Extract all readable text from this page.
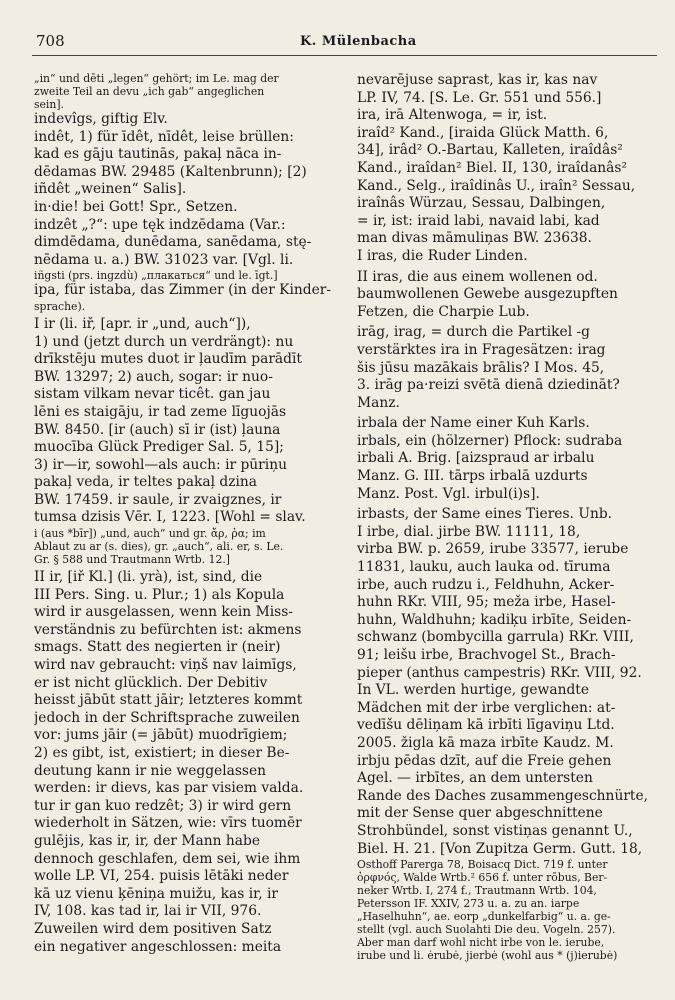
708	K. Mülenbacha
„in“ und dēti „legen“ gehört; im Le. mag der
zweite Teil an devu „ich gab“ angeglichen
sein].
indevîgs, giftig Elv.
indêt, 1) für īdêt, nīdêt, leise brüllen:
kad es gāju tautinās, pakaļ nāca in-
dēdamas BW. 29485 (Kaltenbrunn); [2)
iñdêt „weinen“ Salis].
in·die! bei Gott! Spr., Setzen.
indzêt „?“: upe tęk indzēdama (Var.:
dimdēdama, dunēdama, sanēdama, stę-
nēdama u. a.) BW. 31023 var. [Vgl. li.
iñgsti (prs. ingzdù) „плакаться“ und le. īgt.]
ipa, für istaba, das Zimmer (in der Kinder-
sprache).
I ir (li. iř, [apr. ir „und, auch“]),
1) und (jetzt durch un verdrängt): nu
drīkstēju mutes duot ir ļaudīm parādīt
BW. 13297; 2) auch, sogar: ir nuo-
sistam vilkam nevar ticêt. gan jau
lēni es staigāju, ir tad zeme līguojās
BW. 8450. [ir (auch) sī ir (ist) ļauna
muocība Glück Prediger Sal. 5, 15];
3) ir—ir, sowohl—als auch: ir pūriņu
pakaļ veda, ir teltes pakaļ dzina
BW. 17459. ir saule, ir zvaigznes, ir
tumsa dzisis Vēr. I, 1223. [Wohl = slav.
i (aus *bīr]) „und, auch“ und gr. ἄρ, ῥα; im
Ablaut zu ar (s. dies), gr. „auch“, ali. er, s. Le.
Gr. § 588 und Trautmann Wrtb. 12.]
II ir, [iř Kl.] (li. yrà), ist, sind, die
III Pers. Sing. u. Plur.; 1) als Kopula
wird ir ausgelassen, wenn kein Miss-
verständnis zu befürchten ist: akmens
smags. Statt des negierten ir (neir)
wird nav gebraucht: viņš nav laimīgs,
er ist nicht glücklich. Der Debitiv
heisst jābūt statt jāir; letzteres kommt
jedoch in der Schriftsprache zuweilen
vor: jums jāir (= jābūt) muodrīgiem;
2) es gibt, ist, existiert; in dieser Be-
deutung kann ir nie weggelassen
werden: ir dievs, kas par visiem valda.
tur ir gan kuo redzêt; 3) ir wird gern
wiederholt in Sätzen, wie: vīrs tuomēr
gulējis, kas ir, ir, der Mann habe
dennoch geschlafen, dem sei, wie ihm
wolle LP. VI, 254. puisis lētāki neder
kā uz vienu ķēniņa muižu, kas ir, ir
IV, 108. kas tad ir, lai ir VII, 976.
Zuweilen wird dem positiven Satz
ein negativer angeschlossen: meita
nevarējuse saprast, kas ir, kas nav
LP. IV, 74. [S. Le. Gr. 551 und 556.]
ira, irā Altenwoga, = ir, ist.
iraîd² Kand., [iraida Glück Matth. 6,
34], irâd² O.-Bartau, Kalleten, iraîdâs²
Kand., iraîdan² Biel. II, 130, iraîdanâs²
Kand., Selg., iraîdinâs U., iraîn² Sessau,
iraînâs Würzau, Sessau, Dalbingen,
= ir, ist: iraid labi, navaid labi, kad
man divas māmuliņas BW. 23638.
I iras, die Ruder Linden.
II iras, die aus einem wollenen od.
baumwollenen Gewebe ausgezupften
Fetzen, die Charpie Lub.
irāg, irag, = durch die Partikel -g
verstärktes ira in Fragesätzen: irag
šis jūsu mazākais brālis? I Mos. 45,
3. irāg pa·reizi svētā dienā dziedināt?
Manz.
irbala der Name einer Kuh Karls.
irbals, ein (hölzerner) Pflock: sudraba
irbali A. Brig. [aizspraud ar irbalu
Manz. G. III. tārps irbalā uzdurts
Manz. Post. Vgl. irbul(i)s].
irbasts, der Same eines Tieres. Unb.
I irbe, dial. jirbe BW. 11111, 18,
virba BW. p. 2659, irube 33577, ierube
11831, lauku, auch lauka od. tīruma
irbe, auch rudzu i., Feldhuhn, Acker-
huhn RKr. VIII, 95; meža irbe, Hasel-
huhn, Waldhuhn; kadiķu irbīte, Seiden-
schwanz (bombycilla garrula) RKr. VIII,
91; leišu irbe, Brachvogel St., Brach-
pieper (anthus campestris) RKr. VIII, 92.
In VL. werden hurtige, gewandte
Mädchen mit der irbe verglichen: at-
vedīšu dēliņam kā irbīti līgaviņu Ltd.
2005. žigla kā maza irbīte Kaudz. M.
irbju pēdas dzīt, auf die Freie gehen
Agel. — irbītes, an dem untersten
Rande des Daches zusammengeschnürte,
mit der Sense quer abgeschnittene
Strohbündel, sonst vistiņas genannt U.,
Biel. H. 21. [Von Zupitza Germ. Gutt. 18,
Osthoff Parerga 78, Boisacq Dict. 719 f. unter
ὀρφνός, Walde Wrtb.² 656 f. unter rōbus, Ber-
neker Wrtb. I, 274 f., Trautmann Wrtb. 104,
Petersson IF. XXIV, 273 u. a. zu an. iarpe
„Haselhuhn“, ae. eorp „dunkelfarbig“ u. a. ge-
stellt (vgl. auch Suolahti Die deu. Vogeln. 257).
Aber man darf wohl nicht irbe von le. ierube,
irube und li. ėrubė, jierbė (wohl aus * (j)ierubė)
